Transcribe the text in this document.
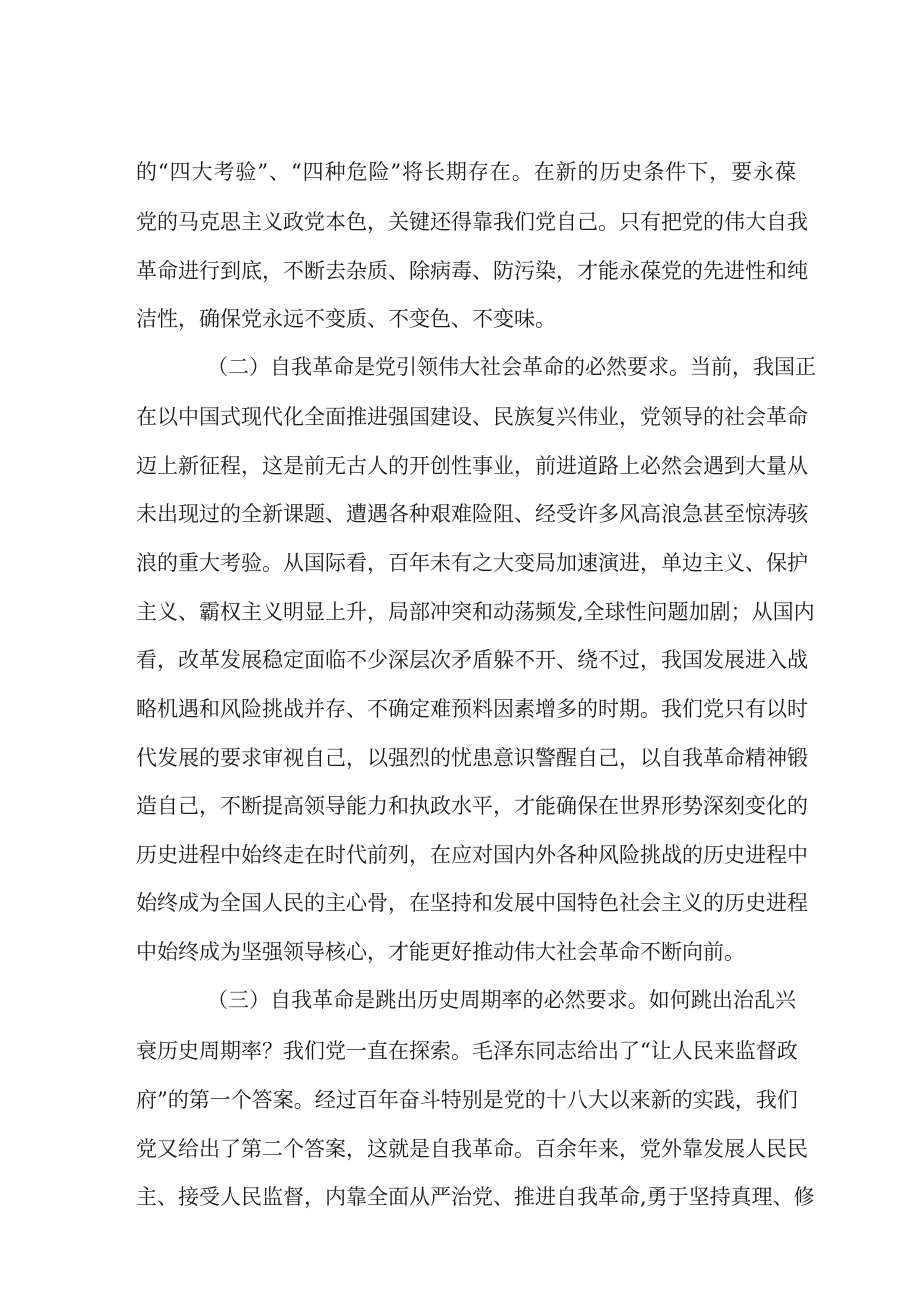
的“四大考验”、“四种危险”将长期存在。在新的历史条件下，要永葆
党的马克思主义政党本色，关键还得靠我们党自己。只有把党的伟大自我
革命进行到底，不断去杂质、除病毒、防污染，才能永葆党的先进性和纯
洁性，确保党永远不变质、不变色、不变味。
（二）自我革命是党引领伟大社会革命的必然要求。当前，我国正
在以中国式现代化全面推进强国建设、民族复兴伟业，党领导的社会革命
迈上新征程，这是前无古人的开创性事业，前进道路上必然会遇到大量从
未出现过的全新课题、遭遇各种艰难险阻、经受许多风高浪急甚至惊涛骇
浪的重大考验。从国际看，百年未有之大变局加速演进，单边主义、保护
主义、霸权主义明显上升，局部冲突和动荡频发,全球性问题加剧；从国内
看，改革发展稳定面临不少深层次矛盾躲不开、绕不过，我国发展进入战
略机遇和风险挑战并存、不确定难预料因素增多的时期。我们党只有以时
代发展的要求审视自己，以强烈的忧患意识警醒自己，以自我革命精神锻
造自己，不断提高领导能力和执政水平，才能确保在世界形势深刻变化的
历史进程中始终走在时代前列，在应对国内外各种风险挑战的历史进程中
始终成为全国人民的主心骨，在坚持和发展中国特色社会主义的历史进程
中始终成为坚强领导核心，才能更好推动伟大社会革命不断向前。
（三）自我革命是跳出历史周期率的必然要求。如何跳出治乱兴
衰历史周期率？我们党一直在探索。毛泽东同志给出了“让人民来监督政
府”的第一个答案。经过百年奋斗特别是党的十八大以来新的实践，我们
党又给出了第二个答案，这就是自我革命。百余年来，党外靠发展人民民
主、接受人民监督，内靠全面从严治党、推进自我革命,勇于坚持真理、修
